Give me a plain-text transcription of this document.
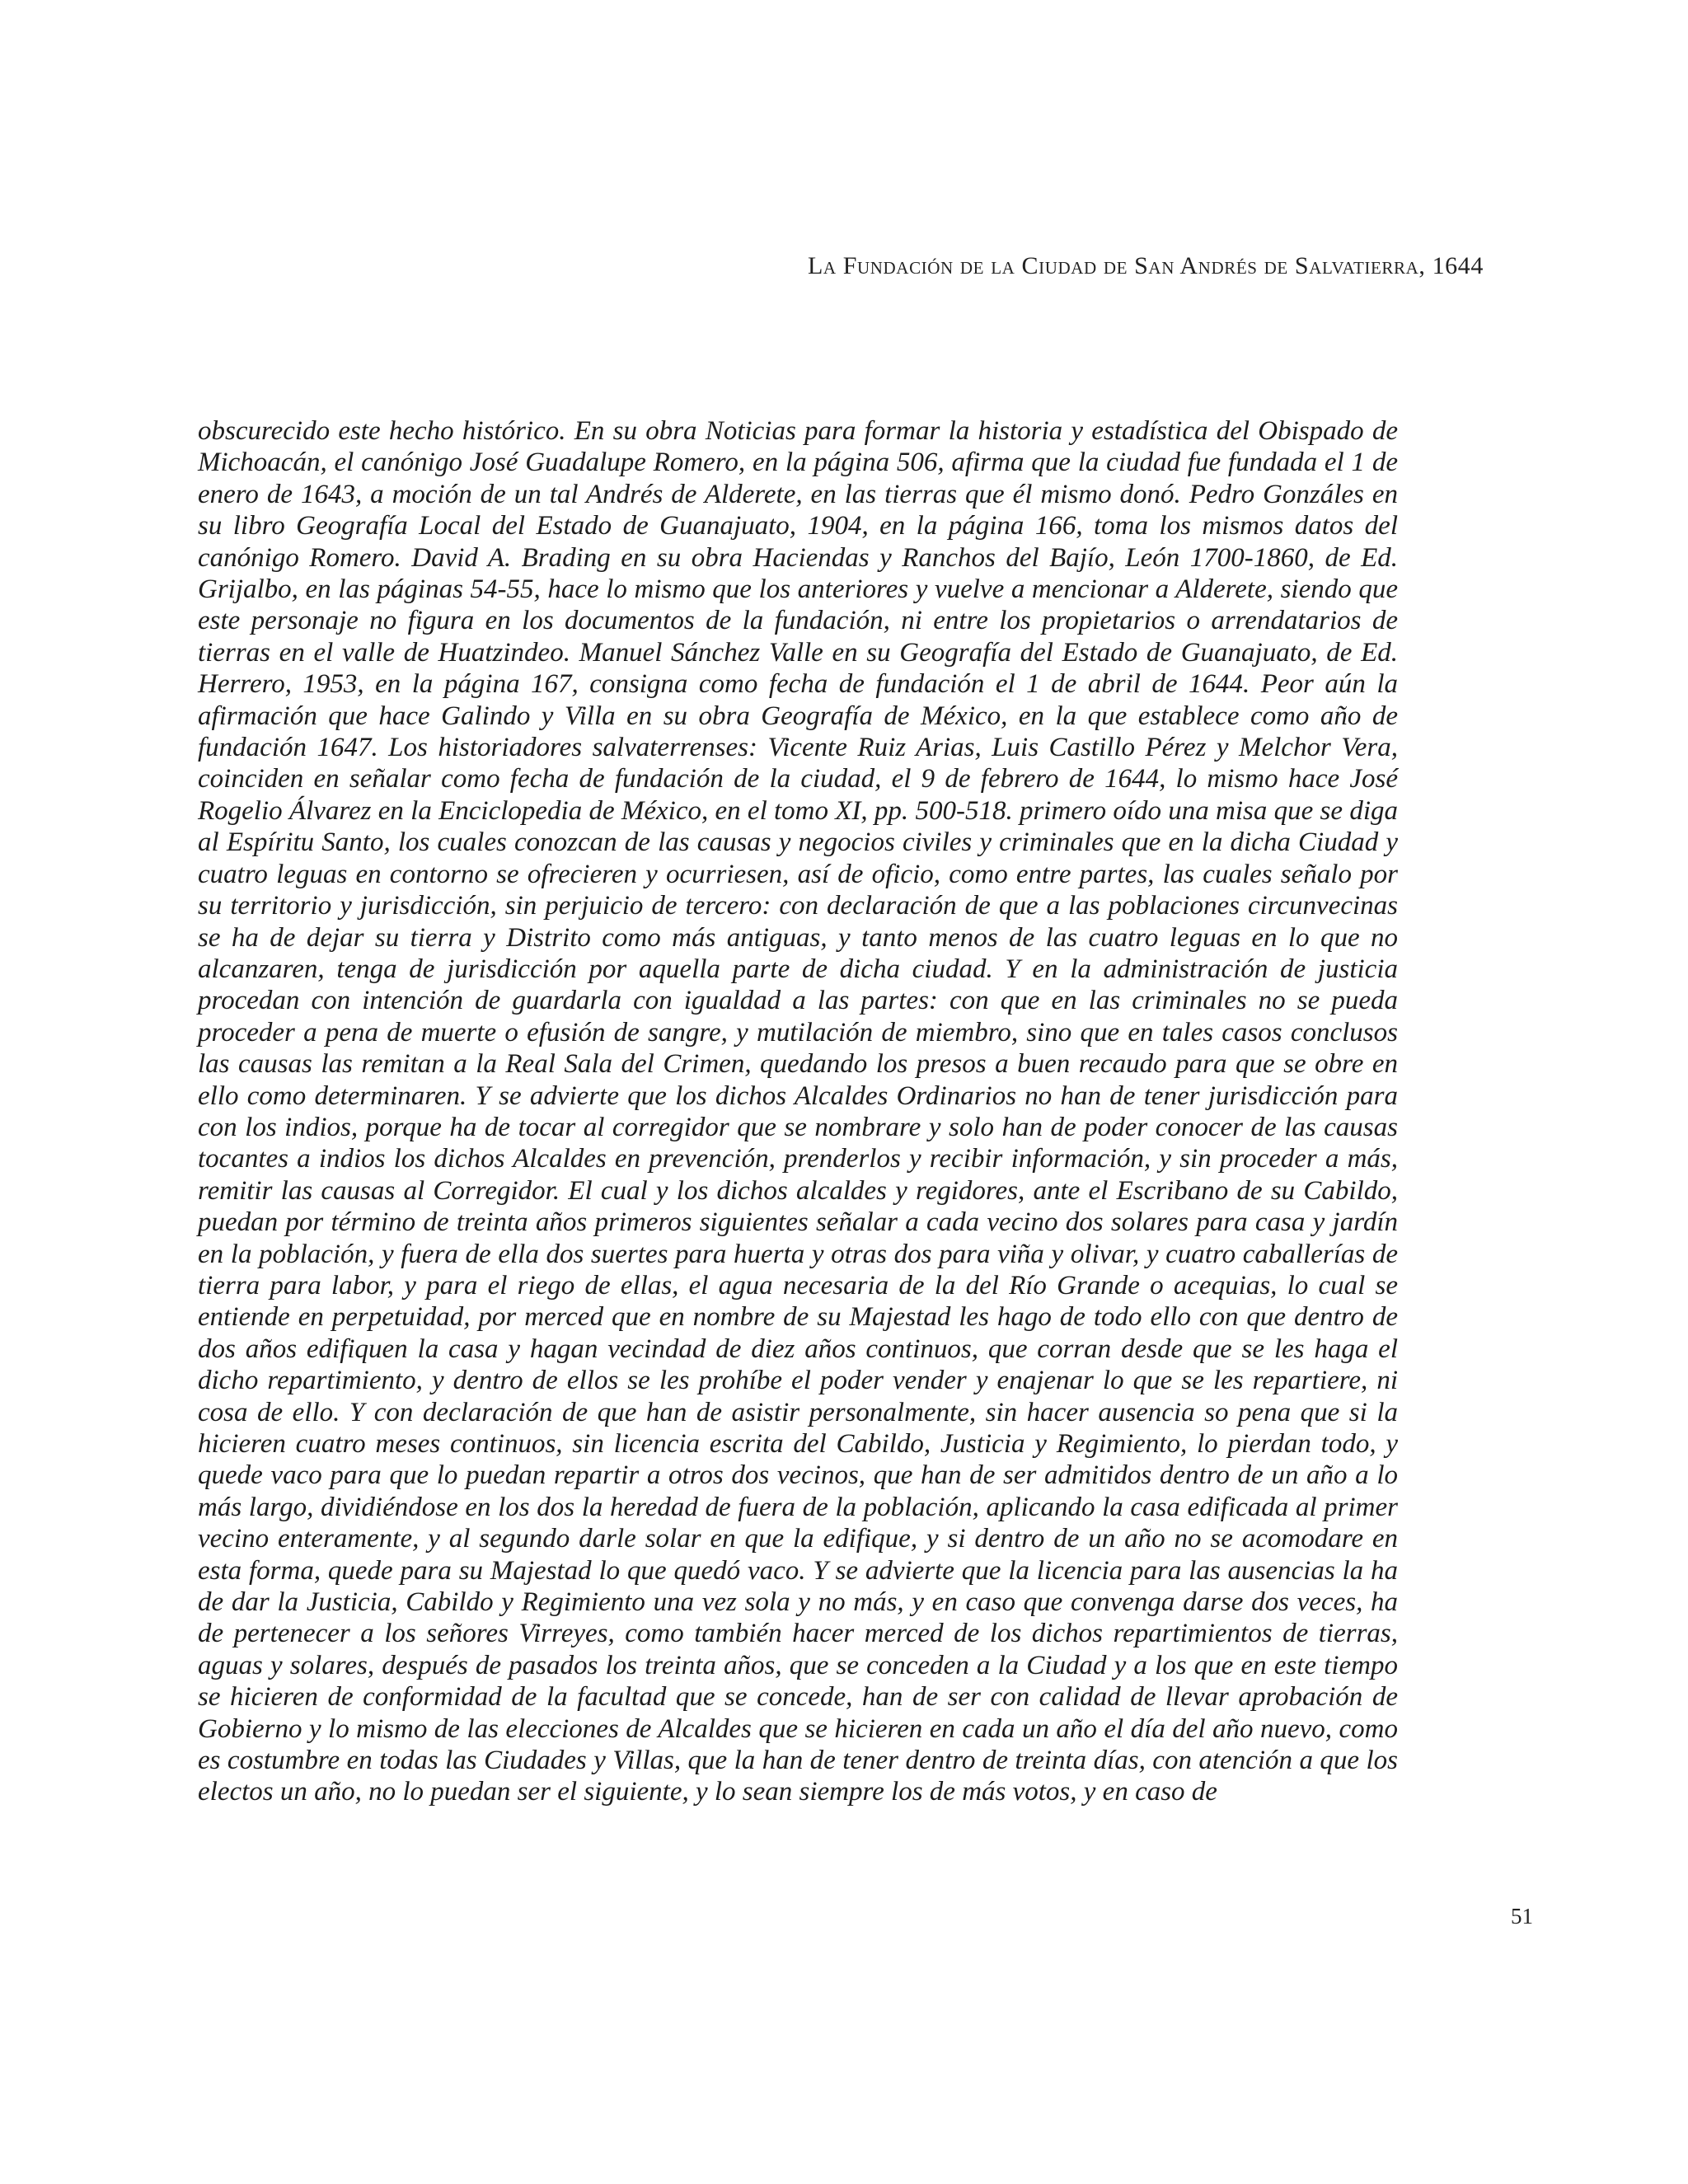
La Fundación de la Ciudad de San Andrés de Salvatierra, 1644

obscurecido este hecho histórico. En su obra Noticias para formar la historia y estadística del Obispado de Michoacán, el canónigo José Guadalupe Romero, en la página 506, afirma que la ciudad fue fundada el 1 de enero de 1643, a moción de un tal Andrés de Alderete, en las tierras que él mismo donó. Pedro Gonzáles en su libro Geografía Local del Estado de Guanajuato, 1904, en la página 166, toma los mismos datos del canónigo Romero. David A. Brading en su obra Haciendas y Ranchos del Bajío, León 1700-1860, de Ed. Grijalbo, en las páginas 54-55, hace lo mismo que los anteriores y vuelve a mencionar a Alderete, siendo que este personaje no figura en los documentos de la fundación, ni entre los propietarios o arrendatarios de tierras en el valle de Huatzindeo. Manuel Sánchez Valle en su Geografía del Estado de Guanajuato, de Ed. Herrero, 1953, en la página 167, consigna como fecha de fundación el 1 de abril de 1644. Peor aún la afirmación que hace Galindo y Villa en su obra Geografía de México, en la que establece como año de fundación 1647. Los historiadores salvaterrenses: Vicente Ruiz Arias, Luis Castillo Pérez y Melchor Vera, coinciden en señalar como fecha de fundación de la ciudad, el 9 de febrero de 1644, lo mismo hace José Rogelio Álvarez en la Enciclopedia de México, en el tomo XI, pp. 500-518. primero oído una misa que se diga al Espíritu Santo, los cuales conozcan de las causas y negocios civiles y criminales que en la dicha Ciudad y cuatro leguas en contorno se ofrecieren y ocurriesen, así de oficio, como entre partes, las cuales señalo por su territorio y jurisdicción, sin perjuicio de tercero: con declaración de que a las poblaciones circunvecinas se ha de dejar su tierra y Distrito como más antiguas, y tanto menos de las cuatro leguas en lo que no alcanzaren, tenga de jurisdicción por aquella parte de dicha ciudad. Y en la administración de justicia procedan con intención de guardarla con igualdad a las partes: con que en las criminales no se pueda proceder a pena de muerte o efusión de sangre, y mutilación de miembro, sino que en tales casos conclusos las causas las remitan a la Real Sala del Crimen, quedando los presos a buen recaudo para que se obre en ello como determinaren. Y se advierte que los dichos Alcaldes Ordinarios no han de tener jurisdicción para con los indios, porque ha de tocar al corregidor que se nombrare y solo han de poder conocer de las causas tocantes a indios los dichos Alcaldes en prevención, prenderlos y recibir información, y sin proceder a más, remitir las causas al Corregidor. El cual y los dichos alcaldes y regidores, ante el Escribano de su Cabildo, puedan por término de treinta años primeros siguientes señalar a cada vecino dos solares para casa y jardín en la población, y fuera de ella dos suertes para huerta y otras dos para viña y olivar, y cuatro caballerías de tierra para labor, y para el riego de ellas, el agua necesaria de la del Río Grande o acequias, lo cual se entiende en perpetuidad, por merced que en nombre de su Majestad les hago de todo ello con que dentro de dos años edifiquen la casa y hagan vecindad de diez años continuos, que corran desde que se les haga el dicho repartimiento, y dentro de ellos se les prohíbe el poder vender y enajenar lo que se les repartiere, ni cosa de ello. Y con declaración de que han de asistir personalmente, sin hacer ausencia so pena que si la hicieren cuatro meses continuos, sin licencia escrita del Cabildo, Justicia y Regimiento, lo pierdan todo, y quede vaco para que lo puedan repartir a otros dos vecinos, que han de ser admitidos dentro de un año a lo más largo, dividiéndose en los dos la heredad de fuera de la población, aplicando la casa edificada al primer vecino enteramente, y al segundo darle solar en que la edifique, y si dentro de un año no se acomodare en esta forma, quede para su Majestad lo que quedó vaco. Y se advierte que la licencia para las ausencias la ha de dar la Justicia, Cabildo y Regimiento una vez sola y no más, y en caso que convenga darse dos veces, ha de pertenecer a los señores Virreyes, como también hacer merced de los dichos repartimientos de tierras, aguas y solares, después de pasados los treinta años, que se conceden a la Ciudad y a los que en este tiempo se hicieren de conformidad de la facultad que se concede, han de ser con calidad de llevar aprobación de Gobierno y lo mismo de las elecciones de Alcaldes que se hicieren en cada un año el día del año nuevo, como es costumbre en todas las Ciudades y Villas, que la han de tener dentro de treinta días, con atención a que los electos un año, no lo puedan ser el siguiente, y lo sean siempre los de más votos, y en caso de

51
